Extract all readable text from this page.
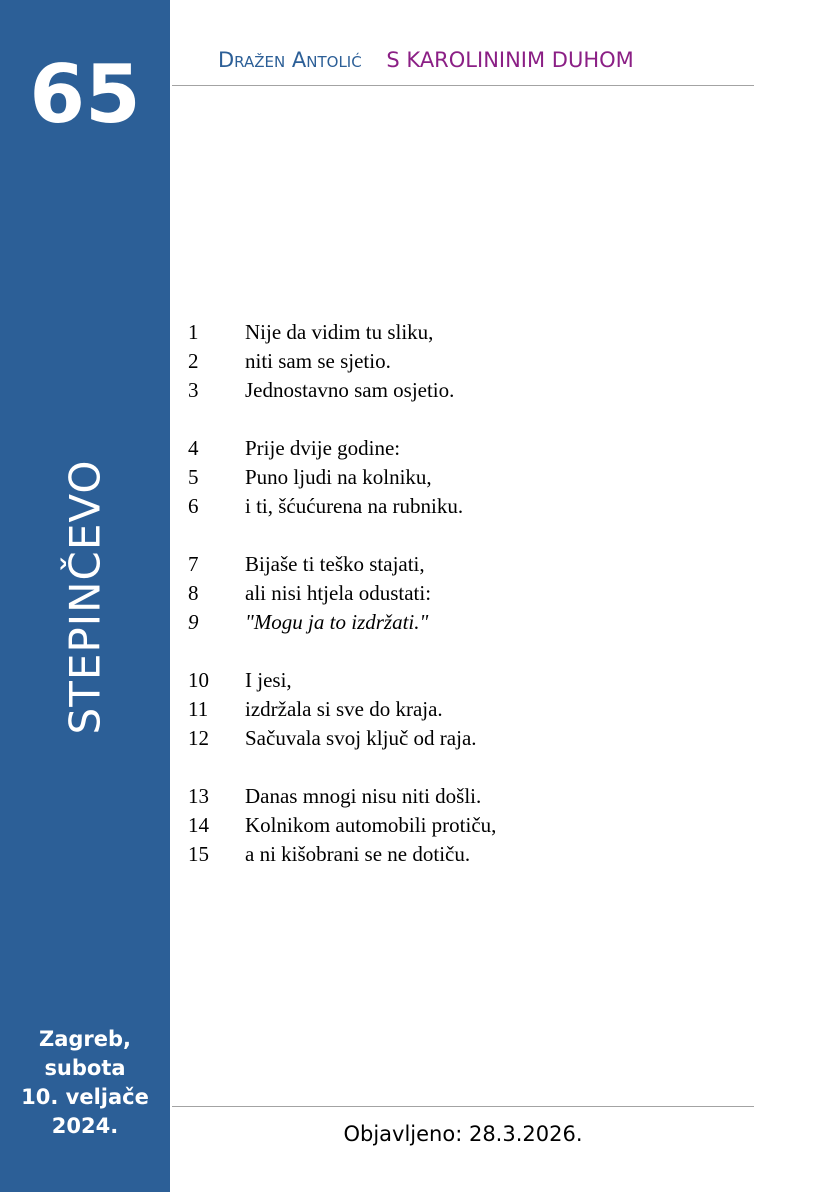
65
STEPINČEVO
Zagreb,
subota
10. veljače
2024.
Dražen Antolić S KAROLININIM DUHOM
1	Nije da vidim tu sliku,
2	niti sam se sjetio.
3	Jednostavno sam osjetio.
4	Prije dvije godine:
5	Puno ljudi na kolniku,
6	i ti, šćućurena na rubniku.
7	Bijaše ti teško stajati,
8	ali nisi htjela odustati:
9	"Mogu ja to izdržati."
10	I jesi,
11	izdržala si sve do kraja.
12	Sačuvala svoj ključ od raja.
13	Danas mnogi nisu niti došli.
14	Kolnikom automobili protiču,
15	a ni kišobrani se ne dotiču.
Objavljeno: 28.3.2026.
